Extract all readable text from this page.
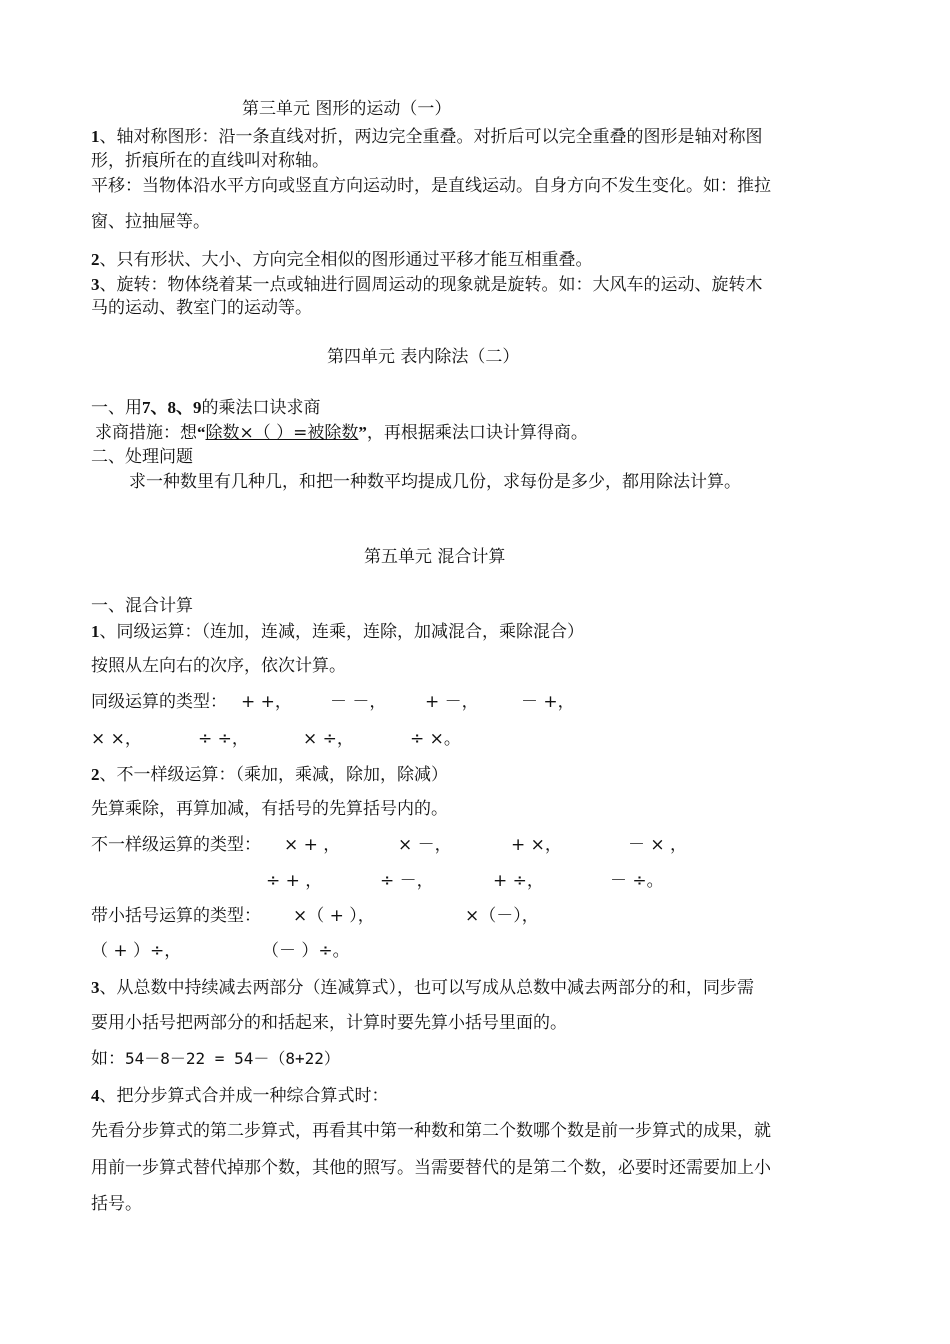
第三单元 图形的运动（一）
1、轴对称图形：沿一条直线对折，两边完全重叠。对折后可以完全重叠的图形是轴对称图
形，折痕所在的直线叫对称轴。
平移：当物体沿水平方向或竖直方向运动时，是直线运动。自身方向不发生变化。如：推拉
窗、拉抽屉等。
2、只有形状、大小、方向完全相似的图形通过平移才能互相重叠。
3、旋转：物体绕着某一点或轴进行圆周运动的现象就是旋转。如：大风车的运动、旋转木
马的运动、教室门的运动等。
第四单元 表内除法（二）
一、用7、8、9的乘法口诀求商
求商措施：想“除数×（ ）=被除数”，再根据乘法口诀计算得商。
二、处理问题
求一种数里有几种几，和把一种数平均提成几份，求每份是多少，都用除法计算。
第五单元 混合计算
一、混合计算
1、同级运算：（连加，连减，连乘，连除，加减混合，乘除混合）
按照从左向右的次序，依次计算。
同级运算的类型： + +， － －， + －， － +，
× ×，	÷ ÷，	× ÷，	÷ ×。
2、不一样级运算：（乘加，乘减，除加，除减）
先算乘除，再算加减，有括号的先算括号内的。
不一样级运算的类型： × + ，	× －，	+ ×，	－ × ，
÷ + ，	÷ －，	+ ÷，	－ ÷。
带小括号运算的类型： ×（ + ），	×（－），
（ + ）÷，	（－ ）÷。
3、从总数中持续减去两部分（连减算式），也可以写成从总数中减去两部分的和，同步需
要用小括号把两部分的和括起来，计算时要先算小括号里面的。
如：54－8－22 = 54－（8+22）
4、把分步算式合并成一种综合算式时：
先看分步算式的第二步算式，再看其中第一种数和第二个数哪个数是前一步算式的成果，就
用前一步算式替代掉那个数，其他的照写。当需要替代的是第二个数，必要时还需要加上小
括号。
